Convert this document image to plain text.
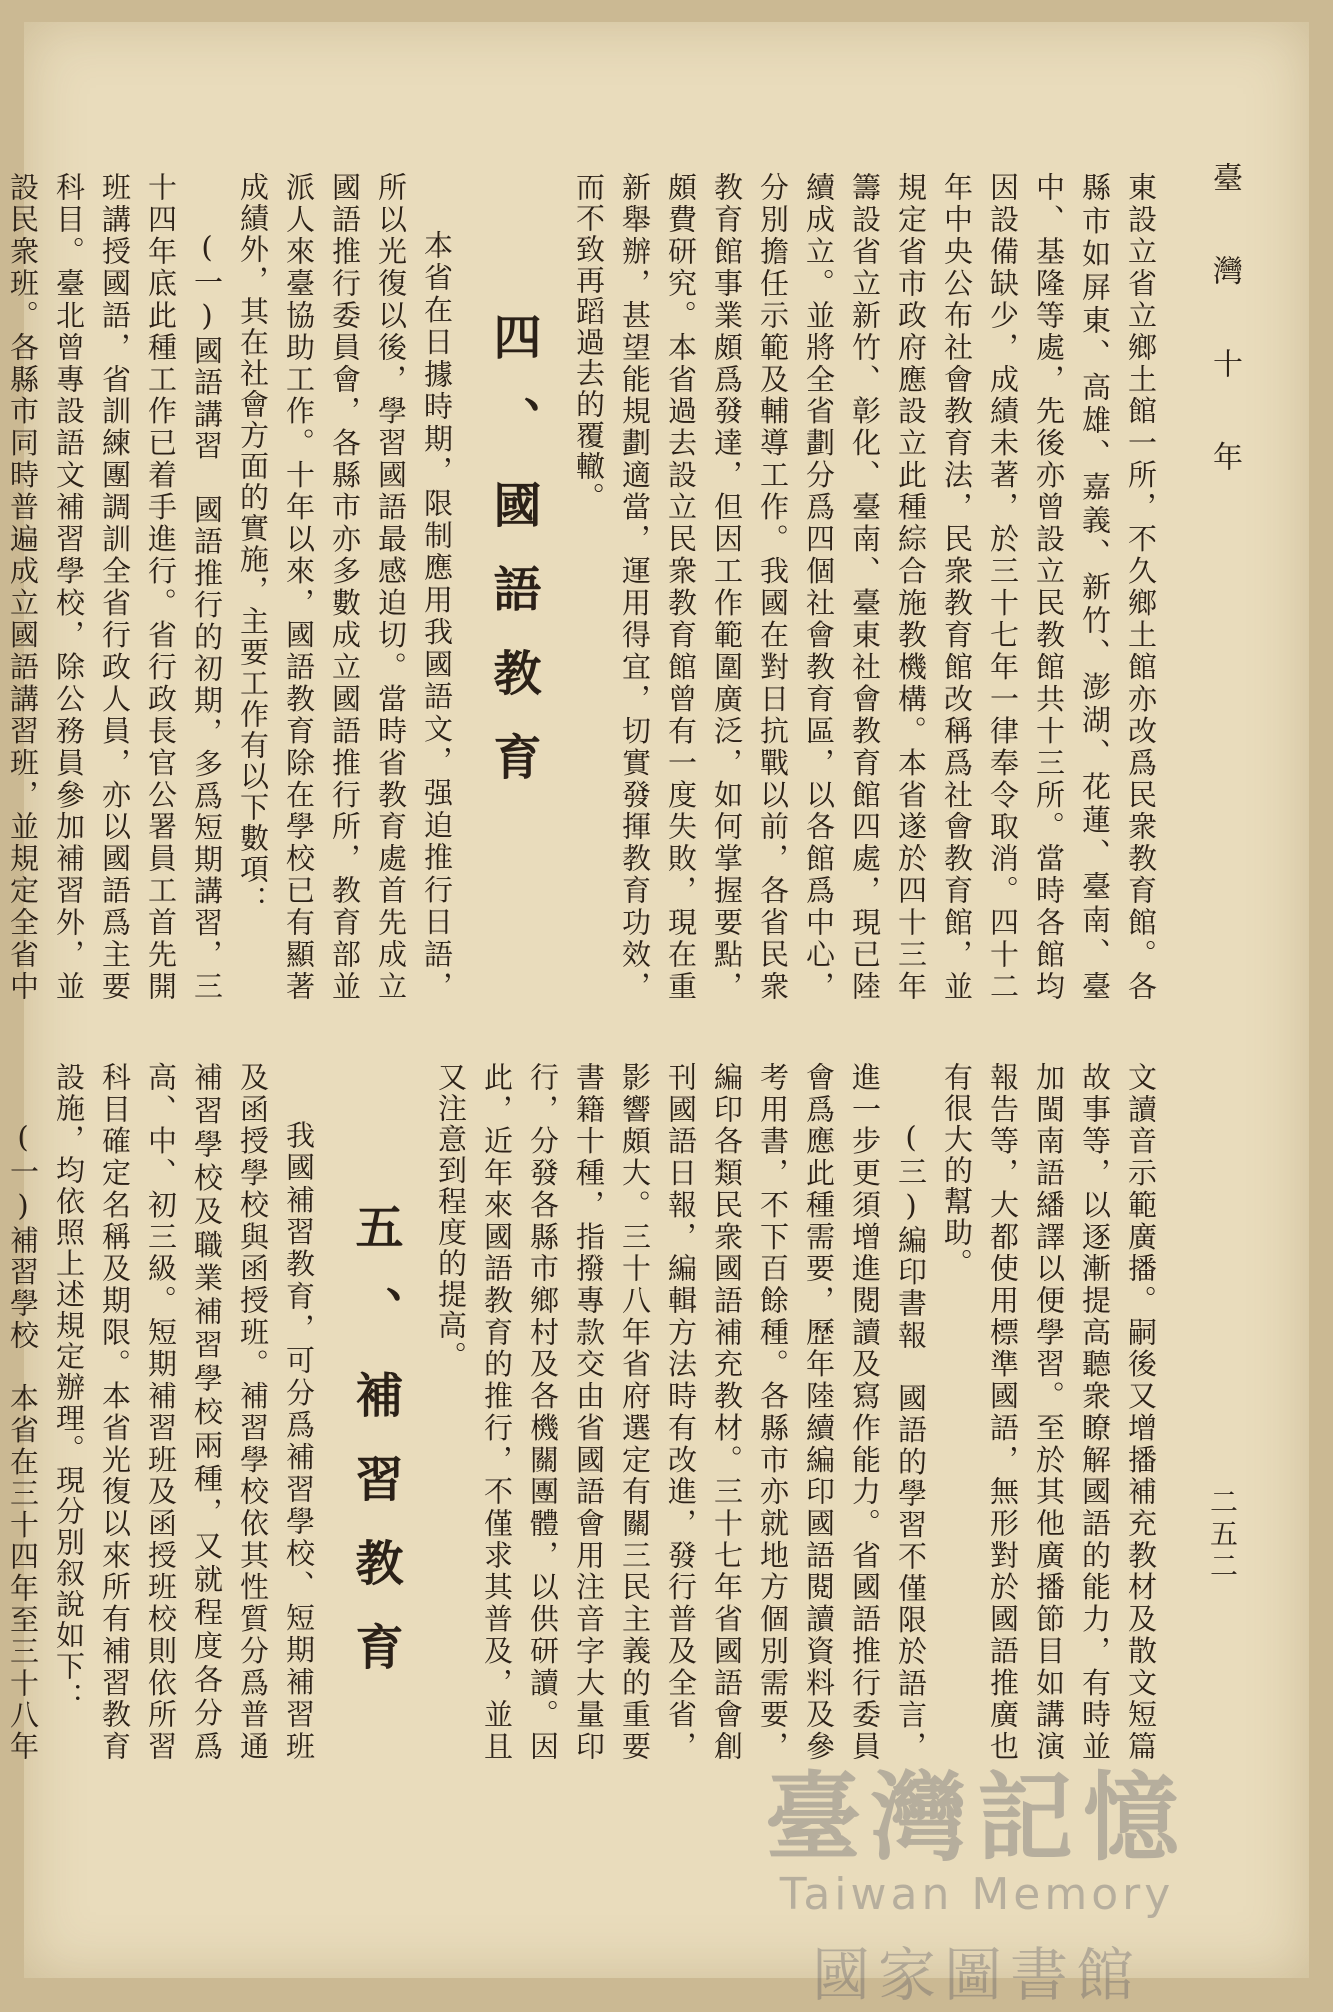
臺 灣 十 年
二五二

東設立省立鄉土館一所，不久鄉土館亦改爲民衆教育館。各縣市如屏東、高雄、嘉義、新竹、澎湖、花蓮、臺南、臺中、基隆等處，先後亦曾設立民教館共十三所。當時各館均因設備缺少，成績未著，於三十七年一律奉令取消。四十二年中央公布社會教育法，民衆教育館改稱爲社會教育館，並規定省市政府應設立此種綜合施教機構。本省遂於四十三年籌設省立新竹、彰化、臺南、臺東社會教育館四處，現已陸續成立。並將全省劃分爲四個社會教育區，以各館爲中心，分別擔任示範及輔導工作。我國在對日抗戰以前，各省民衆教育館事業頗爲發達，但因工作範圍廣泛，如何掌握要點，頗費研究。本省過去設立民衆教育館曾有一度失敗，現在重新舉辦，甚望能規劃適當，運用得宜，切實發揮教育功效，而不致再蹈過去的覆轍。

四、國語教育

本省在日據時期，限制應用我國語文，强迫推行日語，所以光復以後，學習國語最感迫切。當時省教育處首先成立國語推行委員會，各縣市亦多數成立國語推行所，教育部並派人來臺協助工作。十年以來，國語教育除在學校已有顯著成績外，其在社會方面的實施，主要工作有以下數項：

(一)國語講習　國語推行的初期，多爲短期講習，三十四年底此種工作已着手進行。省行政長官公署員工首先開班講授國語，省訓練團調訓全省行政人員，亦以國語爲主要科目。臺北曾專設語文補習學校，除公務員參加補習外，並設民衆班。各縣市同時普遍成立國語講習班，並規定全省中

文讀音示範廣播。嗣後又增播補充教材及散文短篇故事等，以逐漸提高聽衆瞭解國語的能力，有時並加閩南語繙譯以便學習。至於其他廣播節目如講演報告等，大都使用標準國語，無形對於國語推廣也有很大的幫助。

(三)編印書報　國語的學習不僅限於語言，進一步更須增進閱讀及寫作能力。省國語推行委員會爲應此種需要，歷年陸續編印國語閱讀資料及參考用書，不下百餘種。各縣市亦就地方個別需要，編印各類民衆國語補充教材。三十七年省國語會創刊國語日報，編輯方法時有改進，發行普及全省，影響頗大。三十八年省府選定有關三民主義的重要書籍十種，指撥專款交由省國語會用注音字大量印行，分發各縣市鄉村及各機關團體，以供研讀。因此，近年來國語教育的推行，不僅求其普及，並且又注意到程度的提高。

五、補習教育

我國補習教育，可分爲補習學校、短期補習班及函授學校與函授班。補習學校依其性質分爲普通補習學校及職業補習學校兩種，又就程度各分爲高、中、初三級。短期補習班及函授班校則依所習科目確定名稱及期限。本省光復以來所有補習教育設施，均依照上述規定辦理。現分別叙說如下：

(一)補習學校　本省在三十四年至三十八年

臺灣記憶
Taiwan Memory
國家圖書館
